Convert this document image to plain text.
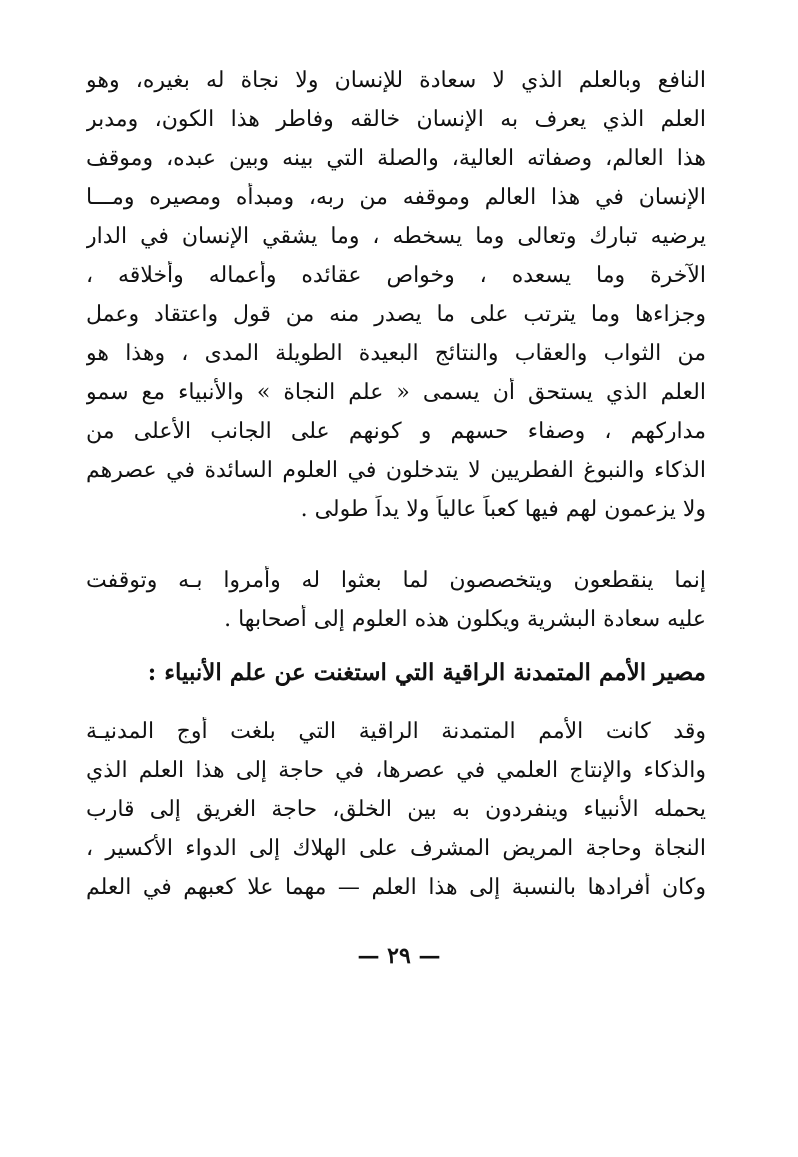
النافع وبالعلم الذي لا سعادة للإنسان ولا نجاة له بغيره، وهو
العلم الذي يعرف به الإنسان خالقه وفاطر هذا الكون، ومدبر
هذا العالم، وصفاته العالية، والصلة التي بينه وبين عبده، وموقف
الإنسان في هذا العالم وموقفه من ربه، ومبدأه ومصيره ومـــا
يرضيه تبارك وتعالى وما يسخطه ، وما يشقي الإنسان في الدار
الآخرة وما يسعده ، وخواص عقائده وأعماله وأخلاقه ،
وجزاءها وما يترتب على ما يصدر منه من قول واعتقاد وعمل
من الثواب والعقاب والنتائج البعيدة الطويلة المدى ، وهذا هو
العلم الذي يستحق أن يسمى « علم النجاة » والأنبياء مع سمو
مداركهم ، وصفاء حسهم و كونهم على الجانب الأعلى من
الذكاء والنبوغ الفطريين لا يتدخلون في العلوم السائدة في عصرهم
ولا يزعمون لهم فيها كعباً عالياً ولا يداً طولى .
إنما ينقطعون ويتخصصون لما بعثوا له وأمروا بـه وتوقفت
عليه سعادة البشرية ويكلون هذه العلوم إلى أصحابها .
مصير الأمم المتمدنة الراقية التي استغنت عن علم الأنبياء :
وقد كانت الأمم المتمدنة الراقية التي بلغت أوج المدنيـة
والذكاء والإنتاج العلمي في عصرها، في حاجة إلى هذا العلم الذي
يحمله الأنبياء وينفردون به بين الخلق، حاجة الغريق إلى قارب
النجاة وحاجة المريض المشرف على الهلاك إلى الدواء الأكسير ،
وكان أفرادها بالنسبة إلى هذا العلم — مهما علا كعبهم في العلم
— ٢٩ —
